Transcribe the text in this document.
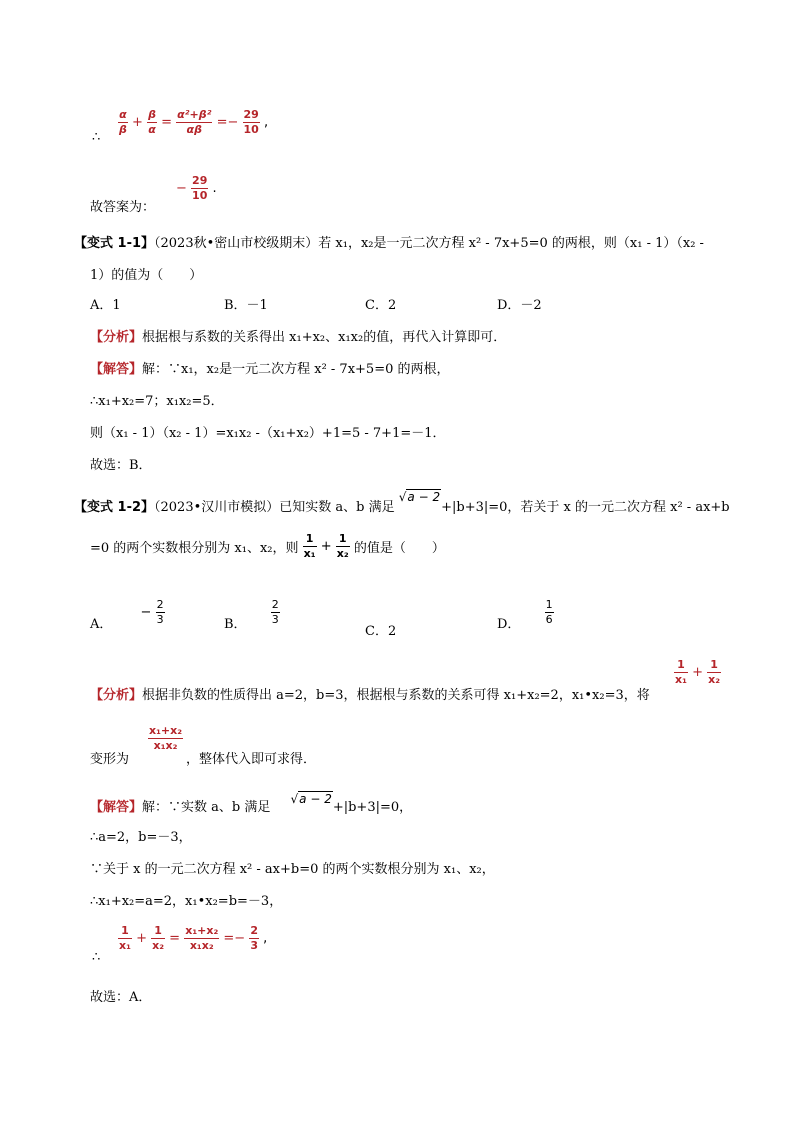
∴
$\frac{\alpha}{\beta} + \frac{\beta}{\alpha} = \frac{\text{α²+β²}}{\alpha\beta} =- \frac{29}{10}$ ,
故答案为：
− $\frac{29}{10}$ .
【变式 1-1】（2023秋•密山市校级期末）若 x₁，x₂是一元二次方程 x² - 7x+5=0 的两根，则（x₁ - 1）（x₂ -
1）的值为（　　）
A．1	B．－1	C．2	D．－2
【分析】根据根与系数的关系得出 x₁+x₂、x₁x₂的值，再代入计算即可．
【解答】解：∵x₁，x₂是一元二次方程 x² - 7x+5=0 的两根，
∴x₁+x₂=7；x₁x₂=5．
则（x₁ - 1）（x₂ - 1）=x₁x₂ -（x₁+x₂）+1=5 - 7+1=－1．
故选：B．
【变式 1-2】（2023•汉川市模拟）已知实数 a、b 满足 √a − 2+|b+3|=0，若关于 x 的一元二次方程 x² - ax+b
=0 的两个实数根分别为 x₁、x₂，则 $\frac{1}{\text{x₁}} + \frac{1}{\text{x₂}}$ 的值是（　　）
A． − $\frac{2}{3}$	B． $\frac{2}{3}$
C．2	D． $\frac{1}{6}$
【分析】根据非负数的性质得出 a=2，b=3，根据根与系数的关系可得 x₁+x₂=2，x₁•x₂=3，将
$\frac{1}{\text{x₁}} + \frac{1}{\text{x₂}}$
变形为
$\frac{\text{x₁+x₂}}{\text{x₁x₂}}$
，整体代入即可求得．
【解答】解：∵实数 a、b 满足 √a − 2+|b+3|=0，
∴a=2，b=－3，
∵关于 x 的一元二次方程 x² - ax+b=0 的两个实数根分别为 x₁、x₂，
∴x₁+x₂=a=2，x₁•x₂=b=－3，
∴
$\frac{1}{\text{x₁}} + \frac{1}{\text{x₂}} = \frac{\text{x₁+x₂}}{\text{x₁x₂}} =- \frac{2}{3}$ ,
故选：A．
